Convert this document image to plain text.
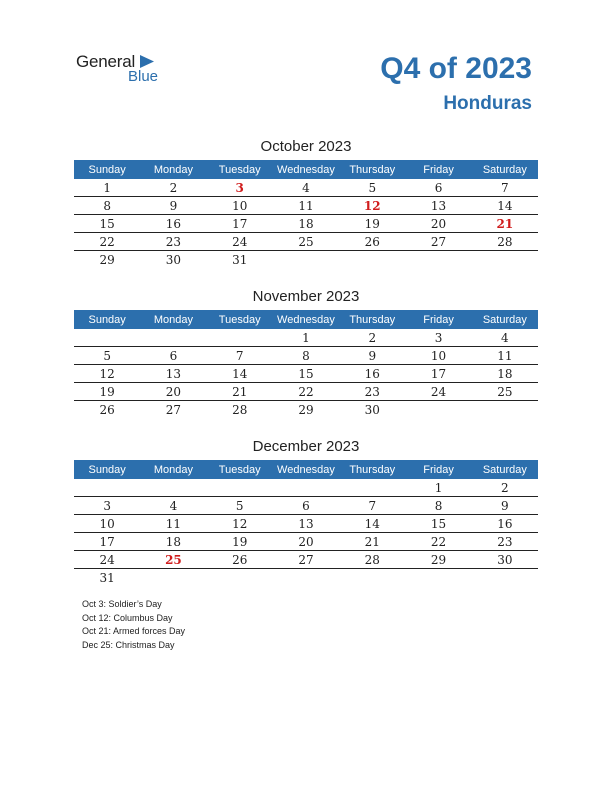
General
Blue	Q4 of 2023
Honduras
October 2023
Sunday	Monday	Tuesday	Wednesday	Thursday	Friday	Saturday
1	2	3	4	5	6	7
8	9	10	11	12	13	14
15	16	17	18	19	20	21
22	23	24	25	26	27	28
29	30	31				
November 2023
Sunday	Monday	Tuesday	Wednesday	Thursday	Friday	Saturday
			1	2	3	4
5	6	7	8	9	10	11
12	13	14	15	16	17	18
19	20	21	22	23	24	25
26	27	28	29	30		
December 2023
Sunday	Monday	Tuesday	Wednesday	Thursday	Friday	Saturday
					1	2
3	4	5	6	7	8	9
10	11	12	13	14	15	16
17	18	19	20	21	22	23
24	25	26	27	28	29	30
31						
Oct 3: Soldier’s Day
Oct 12: Columbus Day
Oct 21: Armed forces Day
Dec 25: Christmas Day
